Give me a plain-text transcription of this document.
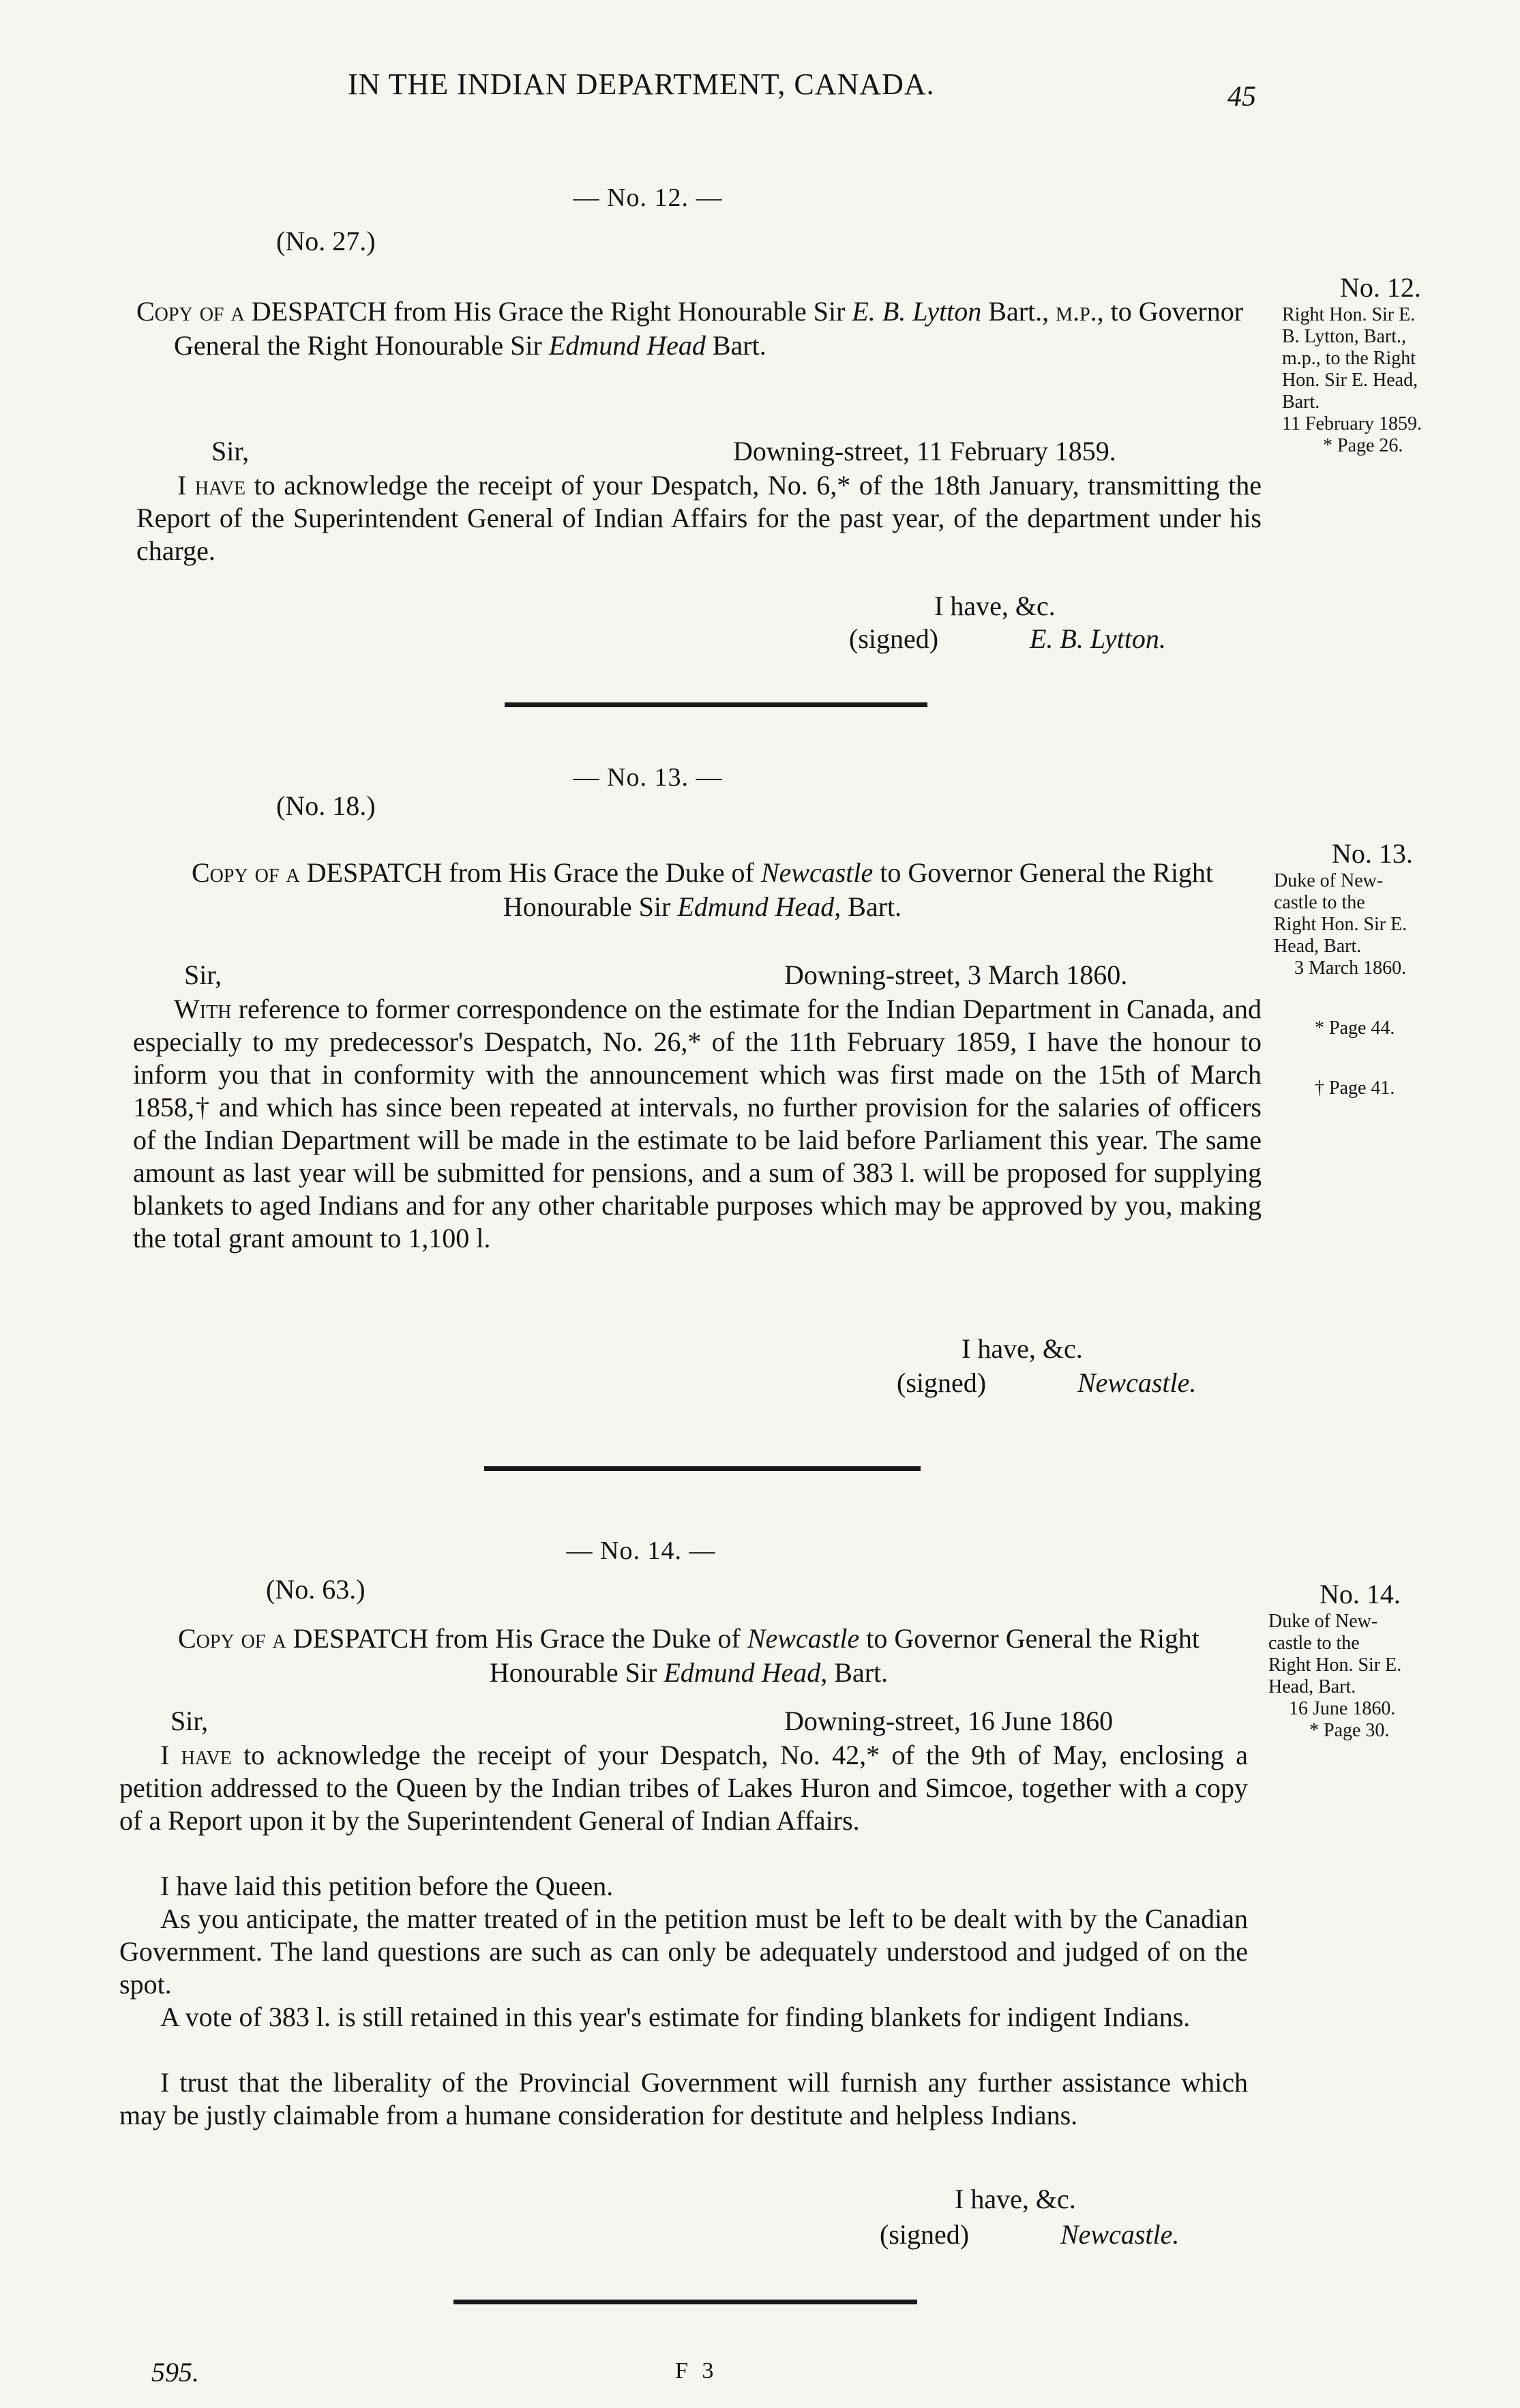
IN THE INDIAN DEPARTMENT, CANADA.	45
— No. 12. —
(No. 27.)
Copy of a DESPATCH from His Grace the Right Honourable Sir E. B. Lytton Bart., m.p., to Governor General the Right Honourable Sir Edmund Head Bart.
Sir,	Downing-street, 11 February 1859.
I have to acknowledge the receipt of your Despatch, No. 6,* of the 18th January, transmitting the Report of the Superintendent General of Indian Affairs for the past year, of the department under his charge.
I have, &c.
(signed)	E. B. Lytton.
No. 12.
Right Hon. Sir E.
B. Lytton, Bart.,
m.p., to the Right
Hon. Sir E. Head,
Bart.
11 February 1859.
* Page 26.
— No. 13. —
(No. 18.)
Copy of a DESPATCH from His Grace the Duke of Newcastle to Governor General the Right Honourable Sir Edmund Head, Bart.
Sir,	Downing-street, 3 March 1860.
With reference to former correspondence on the estimate for the Indian Department in Canada, and especially to my predecessor's Despatch, No. 26,* of the 11th February 1859, I have the honour to inform you that in conformity with the announcement which was first made on the 15th of March 1858,† and which has since been repeated at intervals, no further provision for the salaries of officers of the Indian Department will be made in the estimate to be laid before Parliament this year. The same amount as last year will be submitted for pensions, and a sum of 383 l. will be proposed for supplying blankets to aged Indians and for any other charitable purposes which may be approved by you, making the total grant amount to 1,100 l.
I have, &c.
(signed)	Newcastle.
No. 13.
Duke of New-
castle to the
Right Hon. Sir E.
Head, Bart.
3 March 1860.
* Page 44.
† Page 41.
— No. 14. —
(No. 63.)
Copy of a DESPATCH from His Grace the Duke of Newcastle to Governor General the Right Honourable Sir Edmund Head, Bart.
Sir,	Downing-street, 16 June 1860
I have to acknowledge the receipt of your Despatch, No. 42,* of the 9th of May, enclosing a petition addressed to the Queen by the Indian tribes of Lakes Huron and Simcoe, together with a copy of a Report upon it by the Superintendent General of Indian Affairs.
I have laid this petition before the Queen.
As you anticipate, the matter treated of in the petition must be left to be dealt with by the Canadian Government. The land questions are such as can only be adequately understood and judged of on the spot.
A vote of 383 l. is still retained in this year's estimate for finding blankets for indigent Indians.
I trust that the liberality of the Provincial Government will furnish any further assistance which may be justly claimable from a humane consideration for destitute and helpless Indians.
I have, &c.
(signed)	Newcastle.
No. 14.
Duke of New-
castle to the
Right Hon. Sir E.
Head, Bart.
16 June 1860.
* Page 30.
595.	F 3
